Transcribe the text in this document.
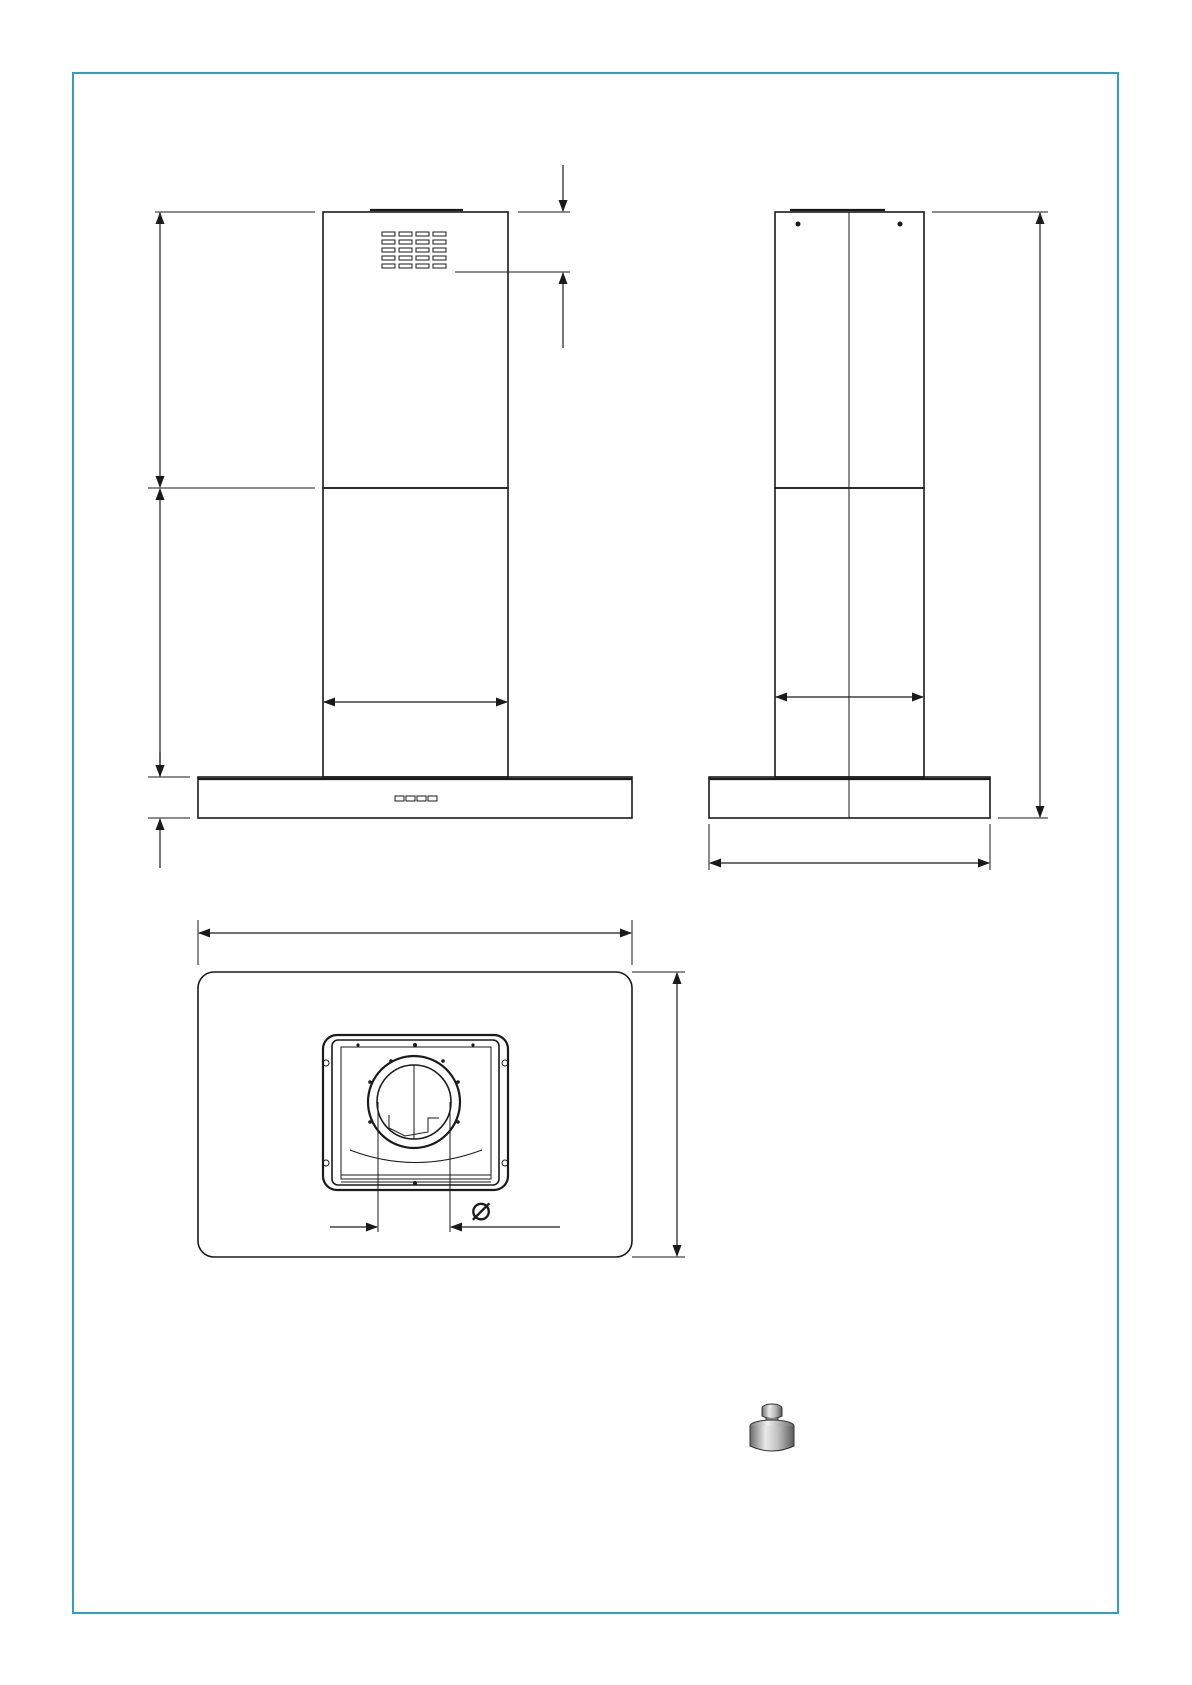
⌀
